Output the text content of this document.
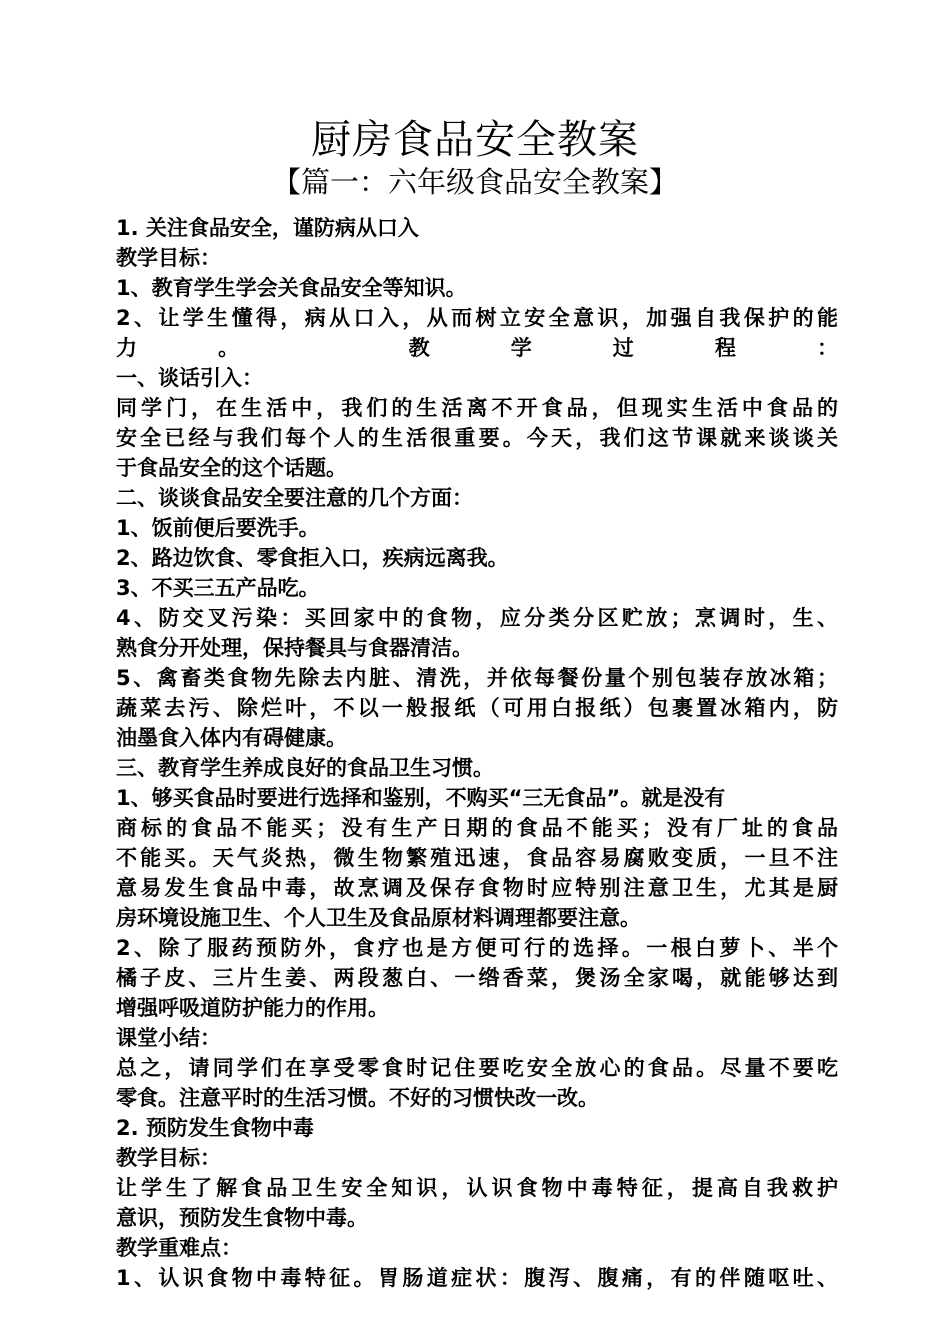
厨房食品安全教案
【篇一：六年级食品安全教案】
1. 关注食品安全，谨防病从口入
教学目标：
1、教育学生学会关食品安全等知识。
2、让学生懂得，病从口入，从而树立安全意识，加强自我保护的能
力。 教学过程：
一、谈话引入：
同学门，在生活中，我们的生活离不开食品，但现实生活中食品的
安全已经与我们每个人的生活很重要。今天，我们这节课就来谈谈关
于食品安全的这个话题。
二、谈谈食品安全要注意的几个方面：
1、饭前便后要洗手。
2、路边饮食、零食拒入口，疾病远离我。
3、不买三五产品吃。
4、防交叉污染：买回家中的食物，应分类分区贮放；烹调时，生、
熟食分开处理，保持餐具与食器清洁。
5、禽畜类食物先除去内脏、清洗，并依每餐份量个别包装存放冰箱；
蔬菜去污、除烂叶，不以一般报纸（可用白报纸）包裹置冰箱内，防
油墨食入体内有碍健康。
三、教育学生养成良好的食品卫生习惯。
1、够买食品时要进行选择和鉴别，不购买“三无食品”。就是没有
商标的食品不能买；没有生产日期的食品不能买；没有厂址的食品
不能买。天气炎热，微生物繁殖迅速，食品容易腐败变质，一旦不注
意易发生食品中毒，故烹调及保存食物时应特别注意卫生，尤其是厨
房环境设施卫生、个人卫生及食品原材料调理都要注意。
2、除了服药预防外，食疗也是方便可行的选择。一根白萝卜、半个
橘子皮、三片生姜、两段葱白、一绺香菜，煲汤全家喝，就能够达到
增强呼吸道防护能力的作用。
课堂小结：
总之，请同学们在享受零食时记住要吃安全放心的食品。尽量不要吃
零食。注意平时的生活习惯。不好的习惯快改一改。
2. 预防发生食物中毒
教学目标：
让学生了解食品卫生安全知识，认识食物中毒特征，提高自我救护
意识，预防发生食物中毒。
教学重难点：
1、认识食物中毒特征。胃肠道症状：腹泻、腹痛，有的伴随呕吐、
